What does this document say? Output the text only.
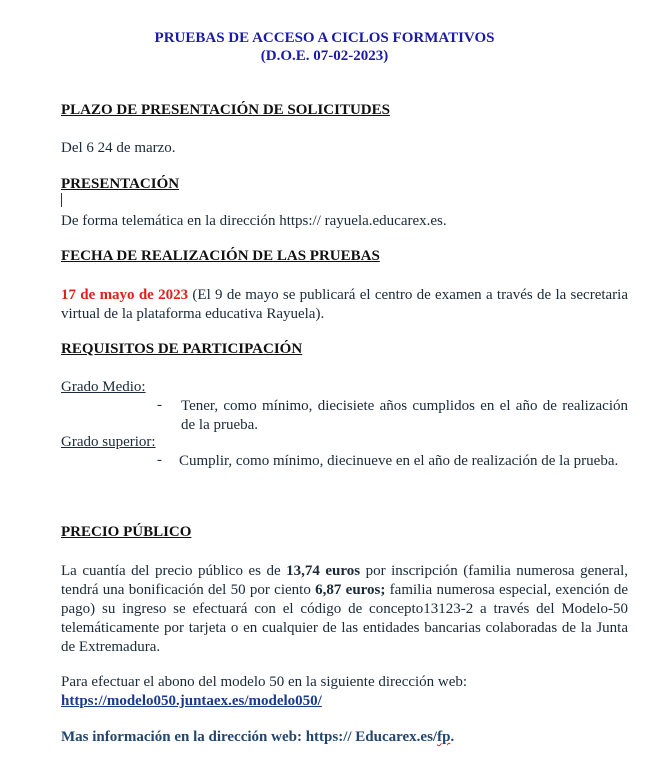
PRUEBAS DE ACCESO A CICLOS FORMATIVOS
(D.O.E. 07-02-2023)
PLAZO DE PRESENTACIÓN DE SOLICITUDES
Del 6 24 de marzo.
PRESENTACIÓN
De forma telemática en la dirección https:// rayuela.educarex.es.
FECHA DE REALIZACIÓN DE LAS PRUEBAS
17 de mayo de 2023 (El 9 de mayo se publicará el centro de examen a través de la secretaria virtual de la plataforma educativa Rayuela).
REQUISITOS DE PARTICIPACIÓN
Grado Medio:
- Tener, como mínimo, diecisiete años cumplidos en el año de realización de la prueba.
Grado superior:
- Cumplir, como mínimo, diecinueve en el año de realización de la prueba.
PRECIO PÚBLICO
La cuantía del precio público es de 13,74 euros por inscripción (familia numerosa general, tendrá una bonificación del 50 por ciento 6,87 euros; familia numerosa especial, exención de pago) su ingreso se efectuará con el código de concepto13123-2 a través del Modelo-50 telemáticamente por tarjeta o en cualquier de las entidades bancarias colaboradas de la Junta de Extremadura.
Para efectuar el abono del modelo 50 en la siguiente dirección web:
https://modelo050.juntaex.es/modelo050/
Mas información en la dirección web: https:// Educarex.es/fp.
